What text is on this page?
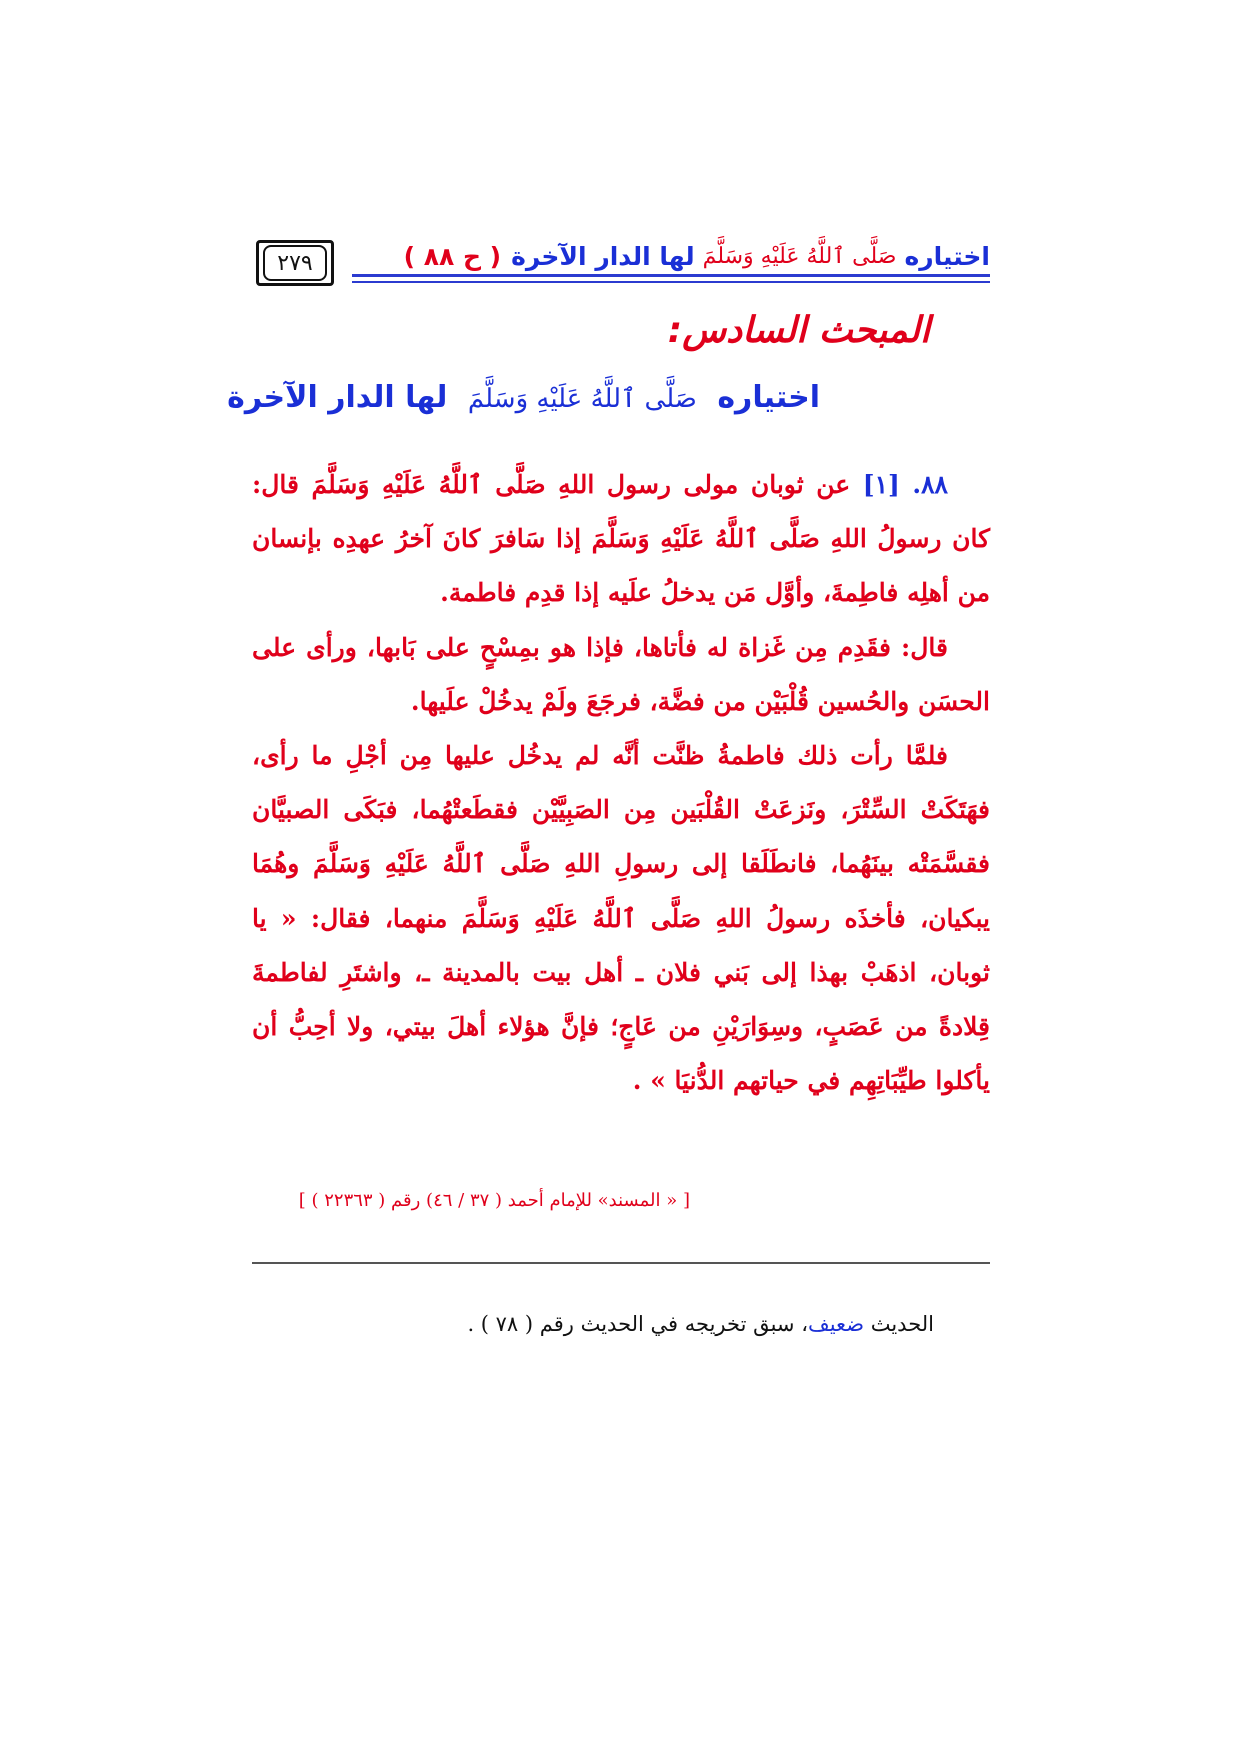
اختياره
صَلَّى ٱللَّهُ عَلَيْهِ وَسَلَّمَ
لها الدار الآخرة
( ح ٨٨ )
٢٧٩
المبحث السادس:
اختياره صَلَّى ٱللَّهُ عَلَيْهِ وَسَلَّمَ لها الدار الآخرة

٨٨. [١] عن ثوبان مولى رسول اللهِ صَلَّى ٱللَّهُ عَلَيْهِ وَسَلَّمَ قال: كان رسولُ اللهِ صَلَّى ٱللَّهُ عَلَيْهِ وَسَلَّمَ إذا سَافرَ كانَ آخرُ عهدِه بإنسان من أهلِه فاطِمةَ، وأوَّل مَن يدخلُ علَيه إذا قدِم فاطمة.

قال: فقَدِم مِن غَزاة له فأتاها، فإذا هو بمِسْحٍ على بَابها، ورأى على الحسَن والحُسين قُلْبَيْن من فضَّة، فرجَعَ ولَمْ يدخُلْ علَيها.

فلمَّا رأت ذلك فاطمةُ ظنَّت أنَّه لم يدخُل عليها مِن أجْلِ ما رأى، فهَتَكَتْ السِّتْرَ، ونَزعَتْ القُلْبَين مِن الصَبِيَّيْن فقطَعتْهُما، فبَكَى الصبيَّان فقسَّمَتْه بينَهُما، فانطَلَقا إلى رسولِ اللهِ صَلَّى ٱللَّهُ عَلَيْهِ وَسَلَّمَ وهُمَا يبكيان، فأخذَه رسولُ اللهِ صَلَّى ٱللَّهُ عَلَيْهِ وَسَلَّمَ منهما، فقال: « يا ثوبان، اذهَبْ بهذا إلى بَني فلان ـ أهل بيت بالمدينة ـ، واشتَرِ لفاطمةَ قِلادةً من عَصَبٍ، وسِوَارَيْنِ من عَاجٍ؛ فإنَّ هؤلاء أهلَ بيتي، ولا أحِبُّ أن يأكلوا طيِّبَاتِهِم في حياتهم الدُّنيَا » .

[ « المسند» للإمام أحمد ( ٣٧ / ٤٦) رقم ( ٢٢٣٦٣ ) ]
الحديث ضعيف، سبق تخريجه في الحديث رقم ( ٧٨ ) .
